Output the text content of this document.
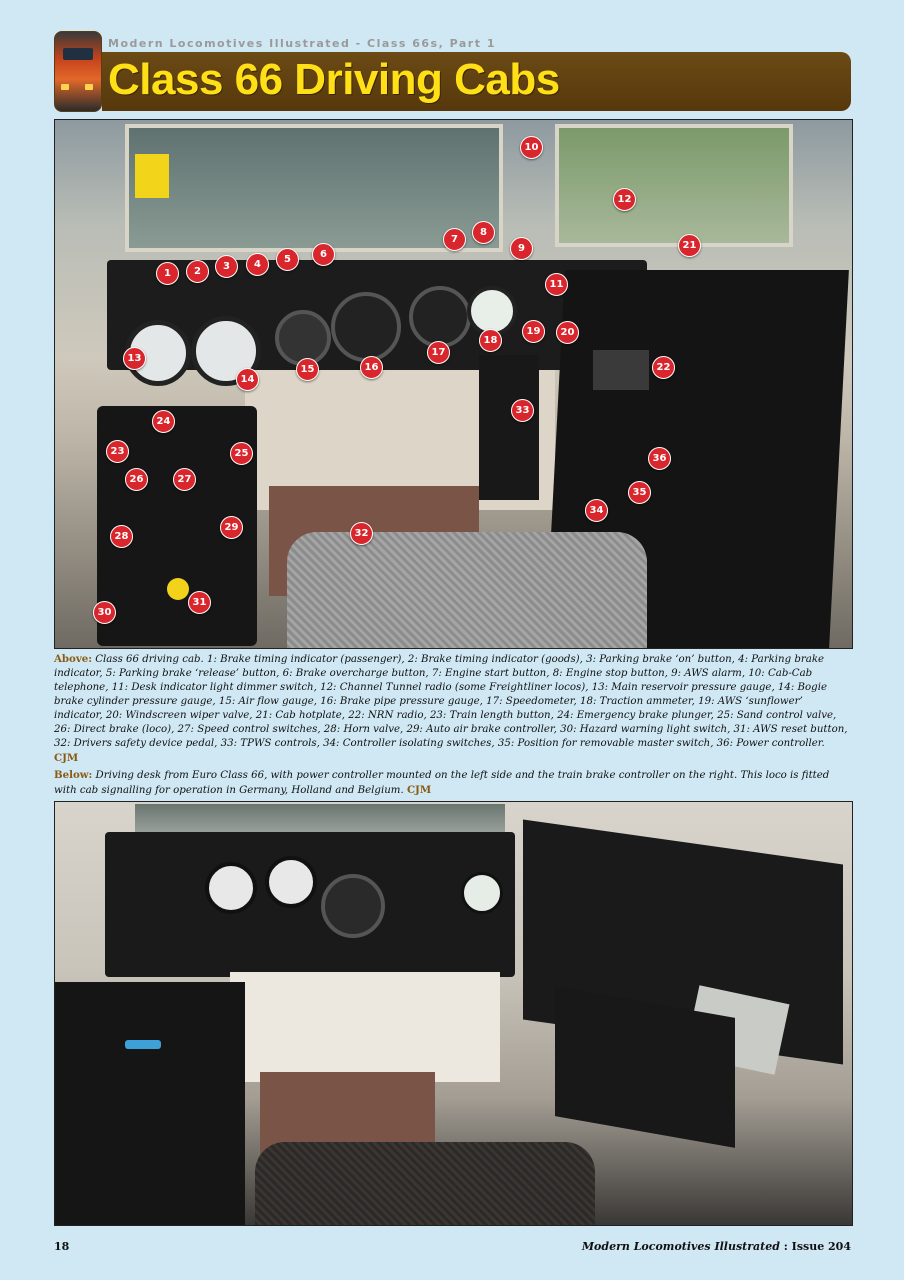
Modern Locomotives Illustrated - Class 66s, Part 1
Class 66 Driving Cabs
1	2	3	4	5	6
7
8
9
10
11
12
13
14
15	16
17
18
19	20
21
22
23
24
25
26	27
28
29
30
31
32
33
34
35
36

Above: Class 66 driving cab. 1: Brake timing indicator (passenger), 2: Brake timing indicator (goods), 3: Parking brake ‘on’ button, 4: Parking brake indicator, 5: Parking brake ‘release’ button, 6: Brake overcharge button, 7: Engine start button, 8: Engine stop button, 9: AWS alarm, 10: Cab-Cab telephone, 11: Desk indicator light dimmer switch, 12: Channel Tunnel radio (some Freightliner locos), 13: Main reservoir pressure gauge, 14: Bogie brake cylinder pressure gauge, 15: Air flow gauge, 16: Brake pipe pressure gauge, 17: Speedometer, 18: Traction ammeter, 19: AWS ‘sunflower’ indicator, 20: Windscreen wiper valve, 21: Cab hotplate, 22: NRN radio, 23: Train length button, 24: Emergency brake plunger, 25: Sand control valve, 26: Direct brake (loco), 27: Speed control switches, 28: Horn valve, 29: Auto air brake controller, 30: Hazard warning light switch, 31: AWS reset button, 32: Drivers safety device pedal, 33: TPWS controls, 34: Controller isolating switches, 35: Position for removable master switch, 36: Power controller. CJM

Below: Driving desk from Euro Class 66, with power controller mounted on the left side and the train brake controller on the right. This loco is fitted with cab signalling for operation in Germany, Holland and Belgium. CJM

18	Modern Locomotives Illustrated : Issue 204
